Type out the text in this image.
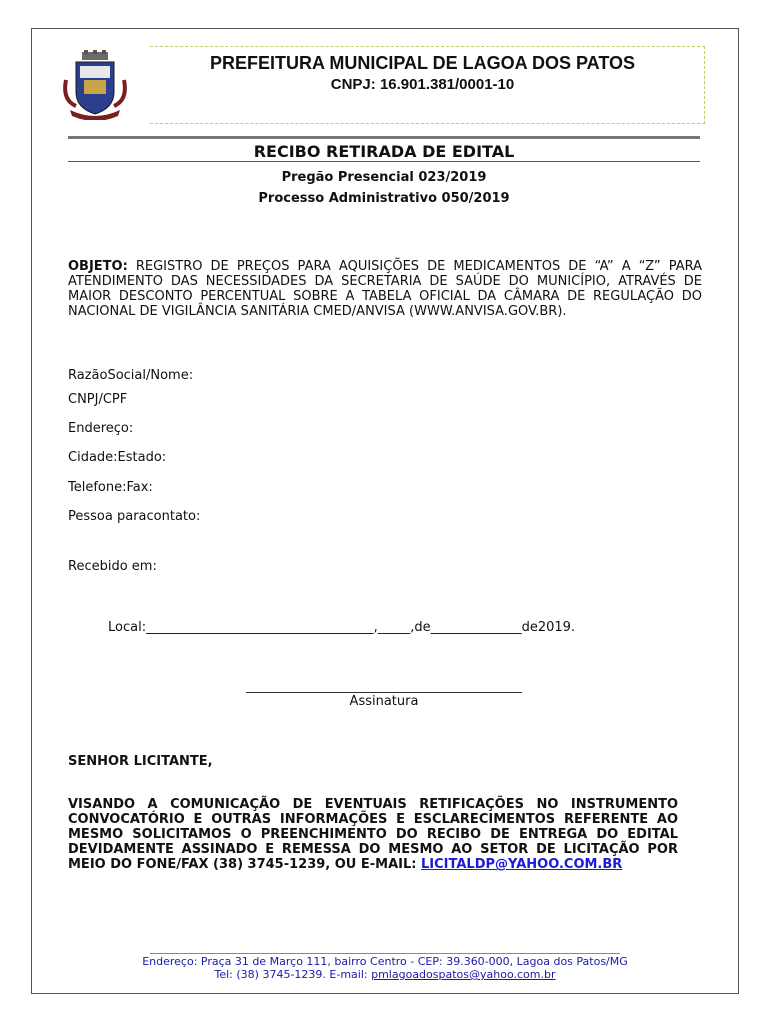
PREFEITURA MUNICIPAL DE LAGOA DOS PATOS
CNPJ: 16.901.381/0001-10
RECIBO RETIRADA DE EDITAL
Pregão Presencial 023/2019
Processo Administrativo 050/2019
OBJETO: REGISTRO DE PREÇOS PARA AQUISIÇÕES DE MEDICAMENTOS DE “A” A “Z” PARA ATENDIMENTO DAS NECESSIDADES DA SECRETARIA DE SAÚDE DO MUNICÍPIO, ATRAVÉS DE MAIOR DESCONTO PERCENTUAL SOBRE A TABELA OFICIAL DA CÂMARA DE REGULAÇÃO DO NACIONAL DE VIGILÂNCIA SANITÁRIA CMED/ANVISA (WWW.ANVISA.GOV.BR).
RazãoSocial/Nome:
CNPJ/CPF
Endereço:
Cidade:Estado:
Telefone:Fax:
Pessoa paracontato:
Recebido em:
Local:___________________________________,_____,de______________de2019.
Assinatura
SENHOR LICITANTE,
VISANDO A COMUNICAÇÃO DE EVENTUAIS RETIFICAÇÕES NO INSTRUMENTO CONVOCATÓRIO E OUTRAS INFORMAÇÕES E ESCLARECIMENTOS REFERENTE AO MESMO SOLICITAMOS O PREENCHIMENTO DO RECIBO DE ENTREGA DO EDITAL DEVIDAMENTE ASSINADO E REMESSA DO MESMO AO SETOR DE LICITAÇÃO POR MEIO DO FONE/FAX (38) 3745-1239, OU E-MAIL: LICITALDP@YAHOO.COM.BR
Endereço: Praça 31 de Março 111, bairro Centro - CEP: 39.360-000, Lagoa dos Patos/MG
Tel: (38) 3745-1239. E-mail: pmlagoadospatos@yahoo.com.br
